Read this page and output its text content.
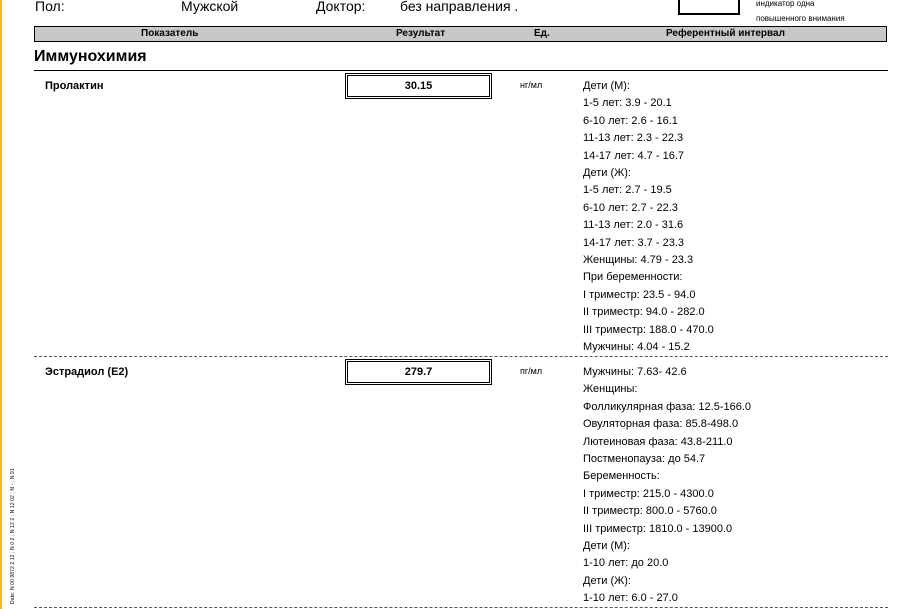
Date: N 00 9872 2 12 ; N 0 2 ; N 12 2 ; N 12 02 ; N - ; N 91
Пол:	Мужской	Доктор: без направления .	индикатор одна
повышенного внимания
Показатель	Результат	Ед.	Референтный интервал
Иммунохимия
Пролактин	30.15	нг/мл	Дети (М):
1-5 лет: 3.9 - 20.1
6-10 лет: 2.6 - 16.1
11-13 лет: 2.3 - 22.3
14-17 лет: 4.7 - 16.7
Дети (Ж):
1-5 лет: 2.7 - 19.5
6-10 лет: 2.7 - 22.3
11-13 лет: 2.0 - 31.6
14-17 лет: 3.7 - 23.3
Женщины: 4.79 - 23.3
При беременности:
I триместр: 23.5 - 94.0
II триместр: 94.0 - 282.0
III триместр: 188.0 - 470.0
Мужчины: 4.04 - 15.2
Эстрадиол (Е2)	279.7	пг/мл	Мужчины: 7.63- 42.6
Женщины:
Фолликулярная фаза: 12.5-166.0
Овуляторная фаза: 85.8-498.0
Лютеиновая фаза: 43.8-211.0
Постменопауза: до 54.7
Беременность:
I триместр: 215.0 - 4300.0
II триместр: 800.0 - 5760.0
III триместр: 1810.0 - 13900.0
Дети (М):
1-10 лет: до 20.0
Дети (Ж):
1-10 лет: 6.0 - 27.0
